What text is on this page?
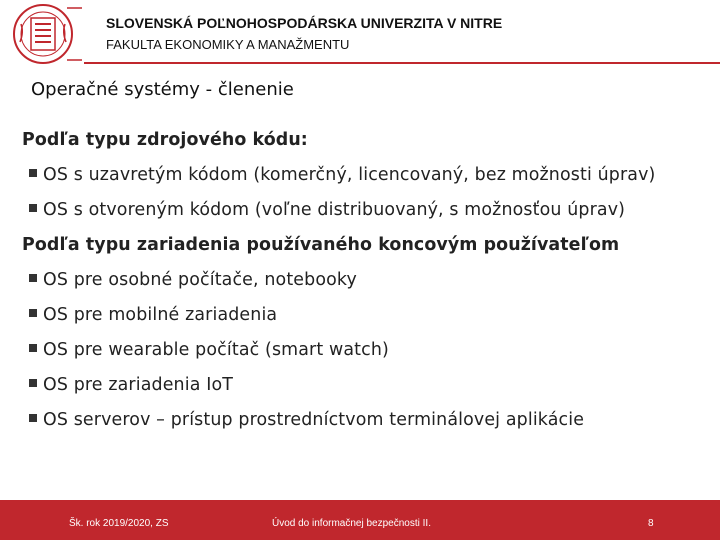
SLOVENSKÁ POĽNOHOSPODÁRSKA UNIVERZITA V NITRE
FAKULTA EKONOMIKY A MANAŽMENTU
Operačné systémy - členenie
Podľa typu zdrojového kódu:
OS s uzavretým kódom (komerčný, licencovaný, bez možnosti úprav)
OS s otvoreným kódom (voľne distribuovaný, s možnosťou úprav)
Podľa typu zariadenia používaného koncovým používateľom
OS pre osobné počítače, notebooky
OS pre mobilné zariadenia
OS pre wearable počítač (smart watch)
OS pre zariadenia IoT
OS serverov – prístup prostredníctvom terminálovej aplikácie
Šk. rok 2019/2020, ZS	Úvod do informačnej bezpečnosti II.	8
